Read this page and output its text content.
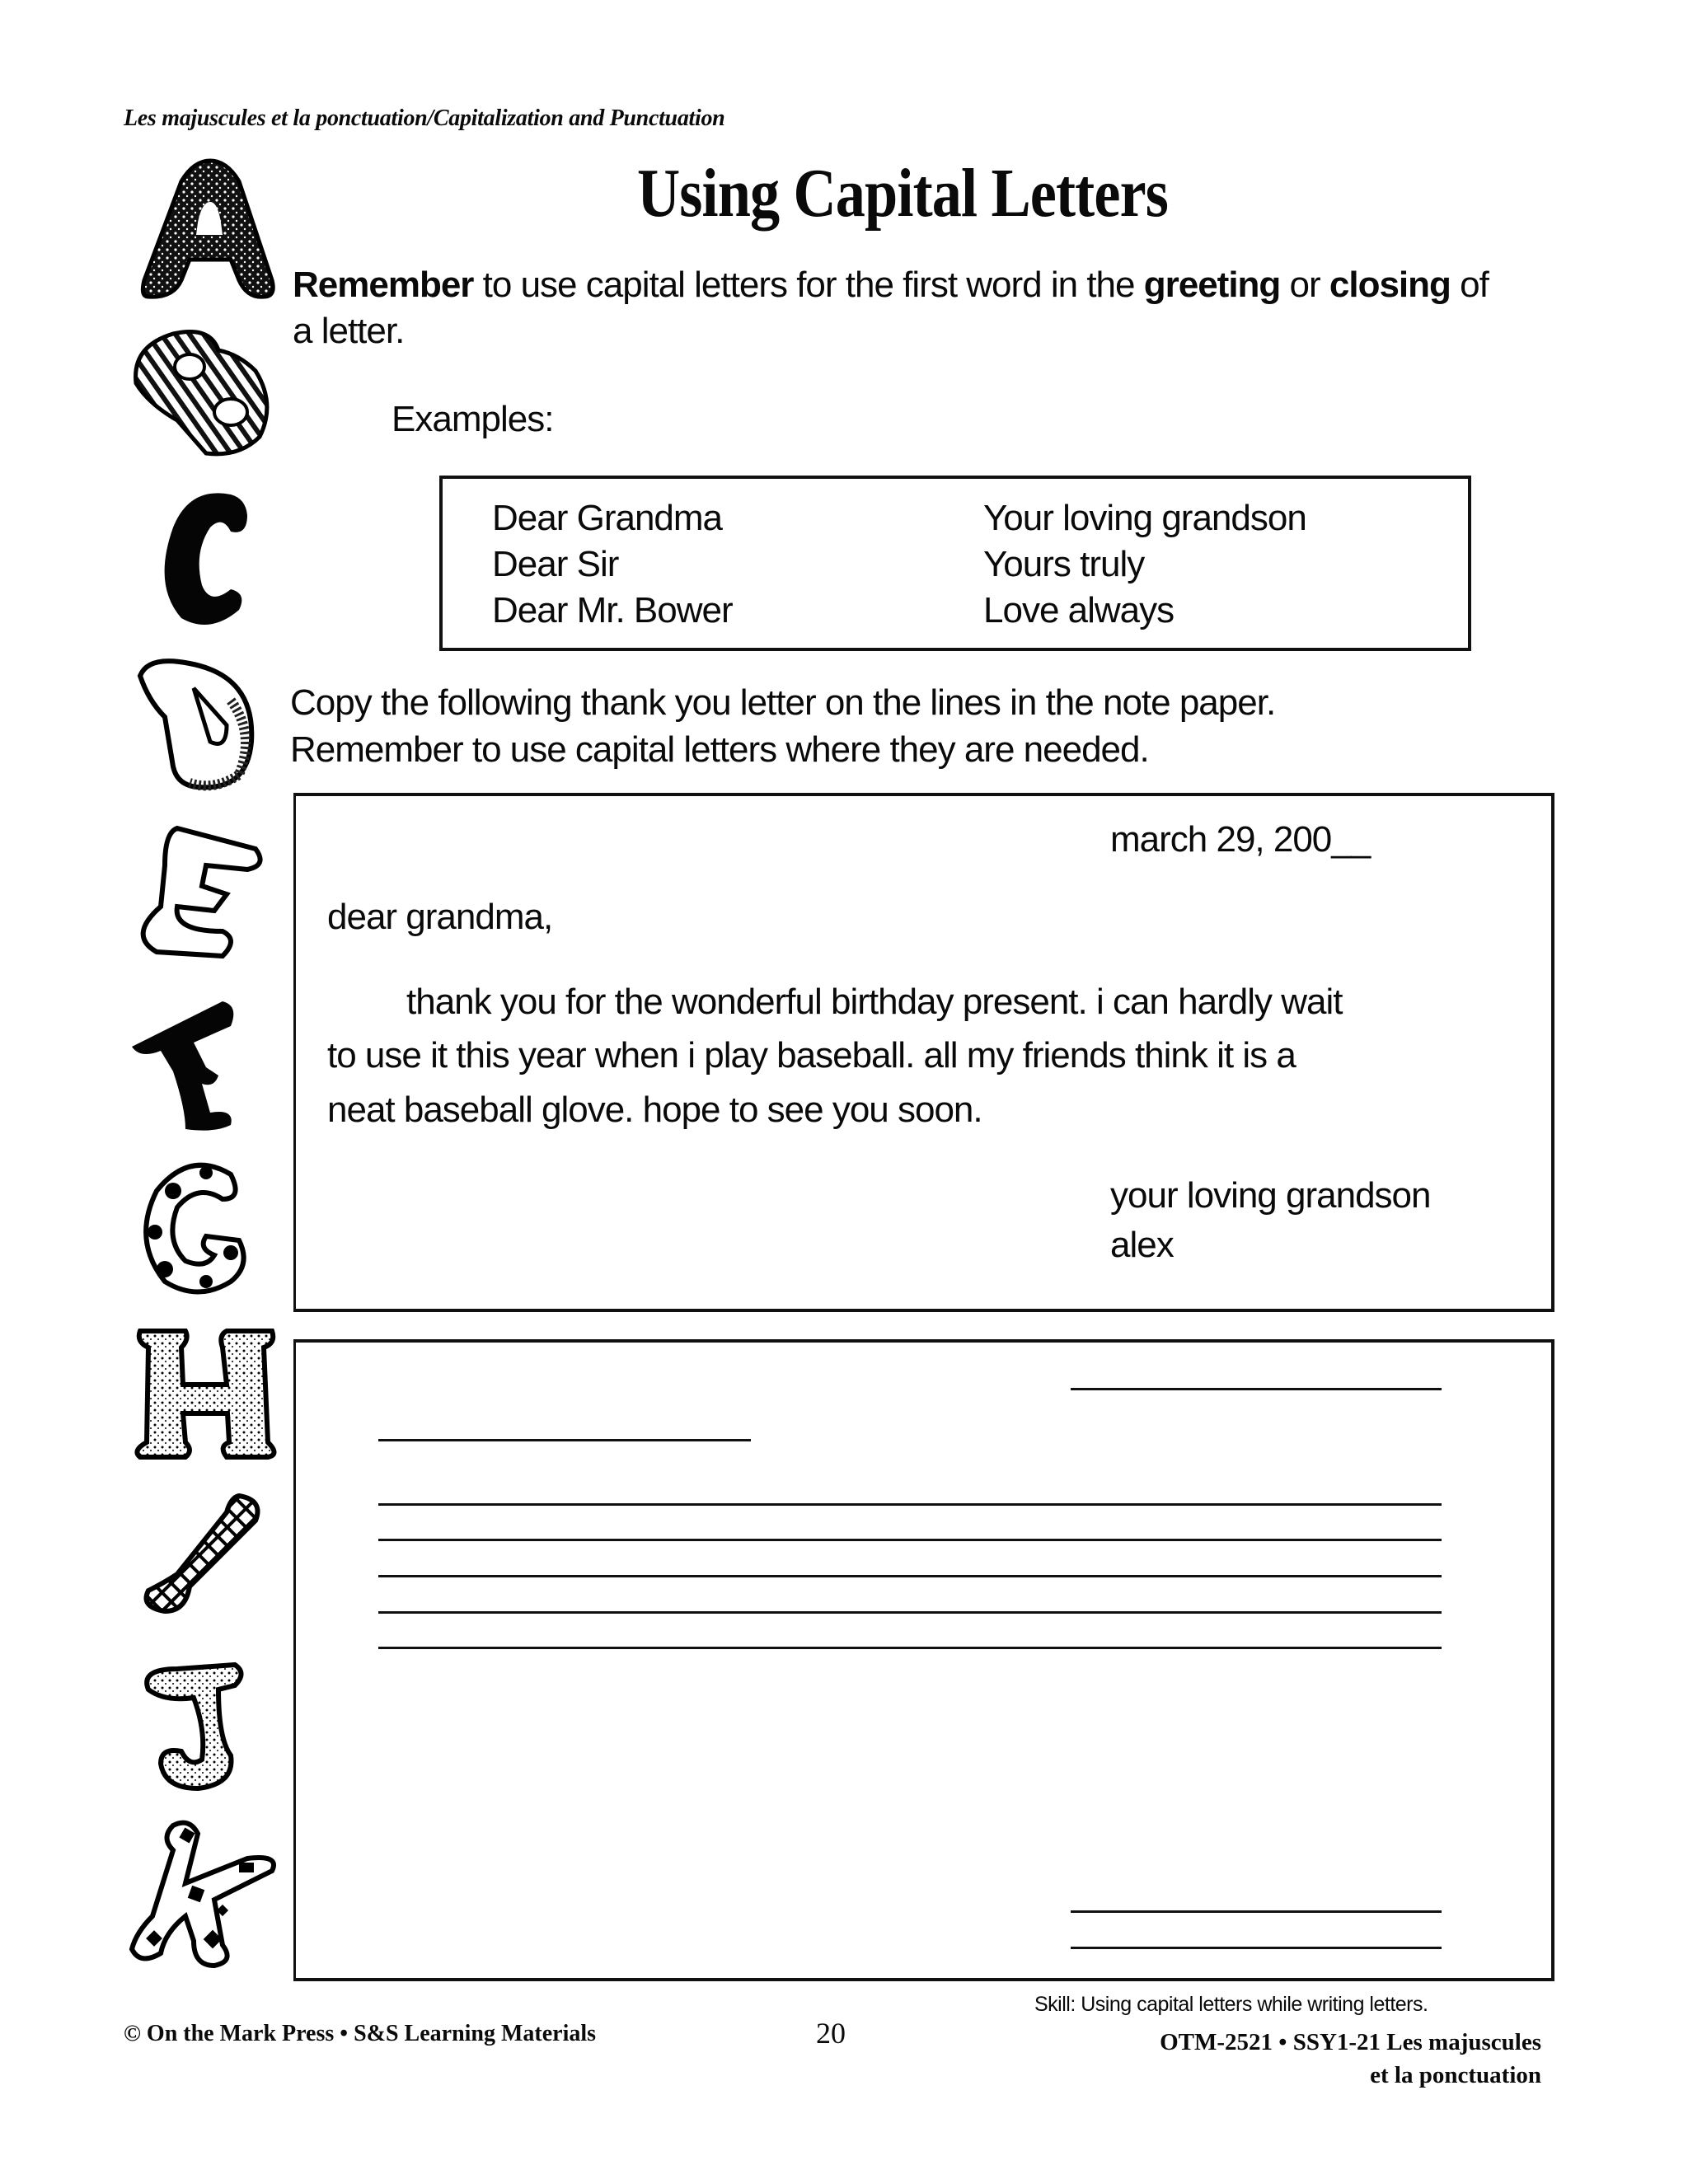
Les majuscules et la ponctuation/Capitalization and Punctuation
Using Capital Letters
Remember to use capital letters for the first word in the greeting or closing of a letter.
Examples:
Dear Grandma
Dear Sir
Dear Mr. Bower
Your loving grandson
Yours truly
Love always
Copy the following thank you letter on the lines in the note paper.
Remember to use capital letters where they are needed.
march 29, 200__
dear grandma,
thank you for the wonderful birthday present. i can hardly wait
to use it this year when i play baseball. all my friends think it is a
neat baseball glove. hope to see you soon.
your loving grandson
alex
© On the Mark Press • S&S Learning Materials	20
Skill: Using capital letters while writing letters.
OTM-2521 • SSY1-21 Les majuscules
et la ponctuation
